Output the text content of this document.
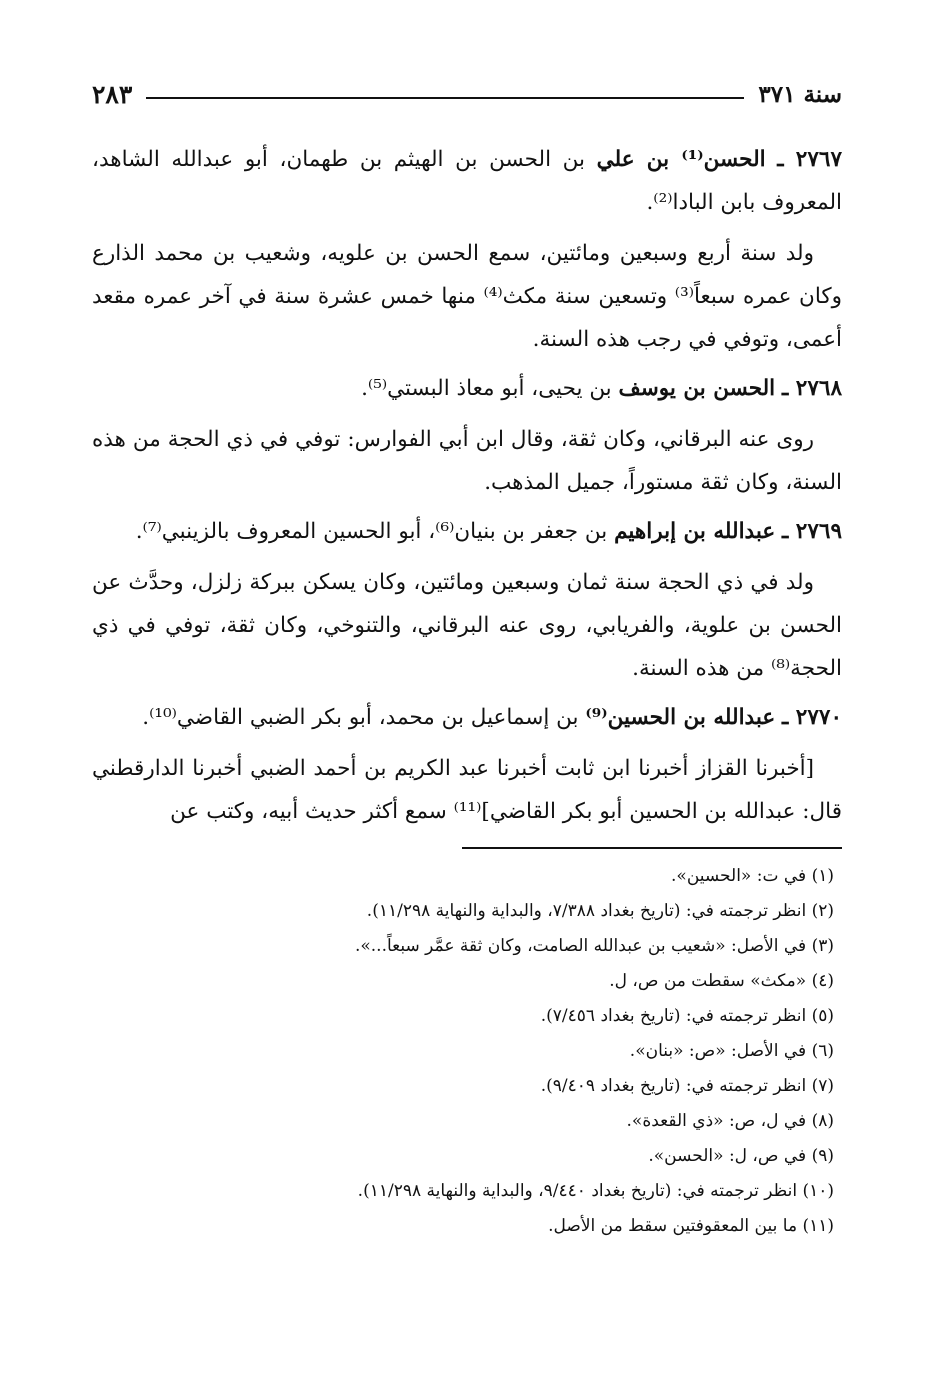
سنة ٣٧١
٢٨٣

٢٧٦٧ ـ الحسن⁽¹⁾ بن علي بن الحسن بن الهيثم بن طهمان، أبو عبدالله الشاهد، المعروف بابن البادا⁽²⁾.

ولد سنة أربع وسبعين ومائتين، سمع الحسن بن علويه، وشعيب بن محمد الذارع وكان عمره سبعاً⁽³⁾ وتسعين سنة مكث⁽⁴⁾ منها خمس عشرة سنة في آخر عمره مقعد أعمى، وتوفي في رجب هذه السنة.

٢٧٦٨ ـ الحسن بن يوسف بن يحيى، أبو معاذ البستي⁽⁵⁾.

روى عنه البرقاني، وكان ثقة، وقال ابن أبي الفوارس: توفي في ذي الحجة من هذه السنة، وكان ثقة مستوراً، جميل المذهب.

٢٧٦٩ ـ عبدالله بن إبراهيم بن جعفر بن بنيان⁽⁶⁾، أبو الحسين المعروف بالزينبي⁽⁷⁾.

ولد في ذي الحجة سنة ثمان وسبعين ومائتين، وكان يسكن ببركة زلزل، وحدَّث عن الحسن بن علوية، والفريابي، روى عنه البرقاني، والتنوخي، وكان ثقة، توفي في ذي الحجة⁽⁸⁾ من هذه السنة.

٢٧٧٠ ـ عبدالله بن الحسين⁽⁹⁾ بن إسماعيل بن محمد، أبو بكر الضبي القاضي⁽¹⁰⁾.

[أخبرنا القزاز أخبرنا ابن ثابت أخبرنا عبد الكريم بن أحمد الضبي أخبرنا الدارقطني قال: عبدالله بن الحسين أبو بكر القاضي]⁽¹¹⁾ سمع أكثر حديث أبيه، وكتب عن

(١) في ت: «الحسين».

(٢) انظر ترجمته في: (تاريخ بغداد ٧/٣٨٨، والبداية والنهاية ١١/٢٩٨).

(٣) في الأصل: «شعيب بن عبدالله الصامت، وكان ثقة عمَّر سبعاً...».

(٤) «مكث» سقطت من ص، ل.

(٥) انظر ترجمته في: (تاريخ بغداد ٧/٤٥٦).

(٦) في الأصل: «ص: «بنان».

(٧) انظر ترجمته في: (تاريخ بغداد ٩/٤٠٩).

(٨) في ل، ص: «ذي القعدة».

(٩) في ص، ل: «الحسن».

(١٠) انظر ترجمته في: (تاريخ بغداد ٩/٤٤٠، والبداية والنهاية ١١/٢٩٨).

(١١) ما بين المعقوفتين سقط من الأصل.
